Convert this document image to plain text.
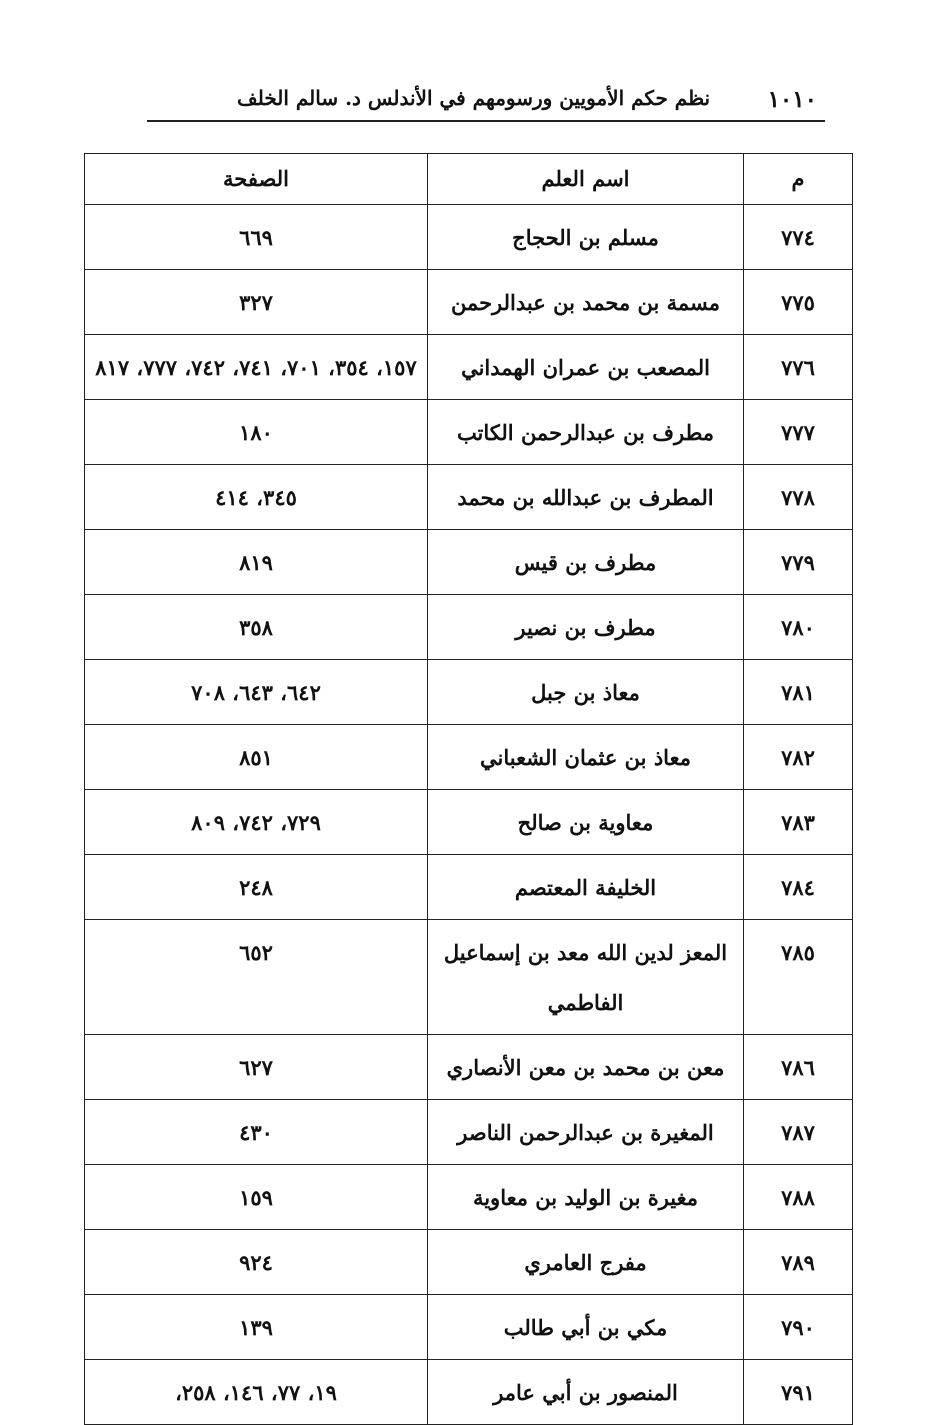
١٠١٠
نظم حكم الأمويين ورسومهم في الأندلس د. سالم الخلف
م	اسم العلم	الصفحة
٧٧٤	مسلم بن الحجاج	٦٦٩
٧٧٥	مسمة بن محمد بن عبدالرحمن	٣٢٧
٧٧٦	المصعب بن عمران الهمداني	١٥٧، ٣٥٤، ٧٠١، ٧٤١، ٧٤٢، ٧٧٧، ٨١٧
٧٧٧	مطرف بن عبدالرحمن الكاتب	١٨٠
٧٧٨	المطرف بن عبدالله بن محمد	٣٤٥، ٤١٤
٧٧٩	مطرف بن قيس	٨١٩
٧٨٠	مطرف بن نصير	٣٥٨
٧٨١	معاذ بن جبل	٦٤٢، ٦٤٣، ٧٠٨
٧٨٢	معاذ بن عثمان الشعباني	٨٥١
٧٨٣	معاوية بن صالح	٧٢٩، ٧٤٢، ٨٠٩
٧٨٤	الخليفة المعتصم	٢٤٨
٧٨٥	المعز لدين الله معد بن إسماعيل الفاطمي	٦٥٢
٧٨٦	معن بن محمد بن معن الأنصاري	٦٢٧
٧٨٧	المغيرة بن عبدالرحمن الناصر	٤٣٠
٧٨٨	مغيرة بن الوليد بن معاوية	١٥٩
٧٨٩	مفرج العامري	٩٢٤
٧٩٠	مكي بن أبي طالب	١٣٩
٧٩١	المنصور بن أبي عامر	١٩، ٧٧، ١٤٦، ٢٥٨،
